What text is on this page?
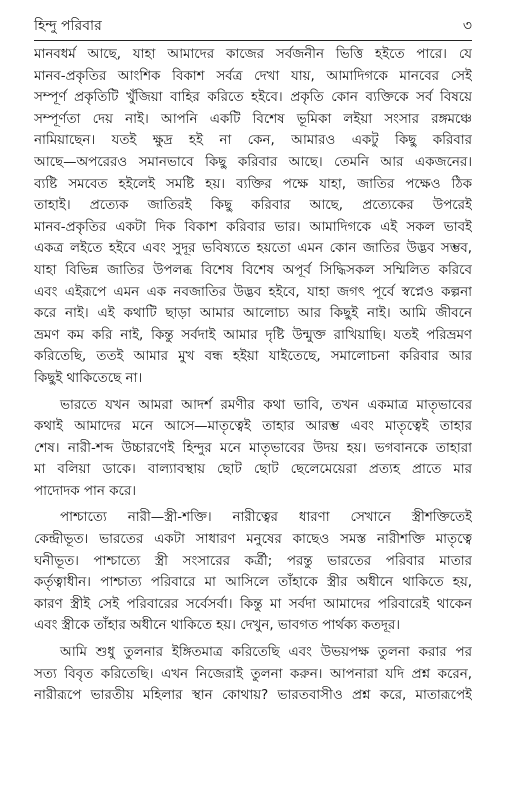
হিন্দু পরিবার	৩
মানবধর্ম আছে, যাহা আমাদের কাজের সর্বজনীন ভিত্তি হইতে পারে। যে
মানব-প্রকৃতির আংশিক বিকাশ সর্বত্র দেখা যায়, আমাদিগকে মানবের সেই
সম্পূর্ণ প্রকৃতিটি খুঁজিয়া বাহির করিতে হইবে। প্রকৃতি কোন ব্যক্তিকে সর্ব বিষয়ে
সম্পূর্ণতা দেয় নাই। আপনি একটি বিশেষ ভূমিকা লইয়া সংসার রঙ্গমঞ্চে
নামিয়াছেন। যতই ক্ষুদ্র হই না কেন, আমারও একটু কিছু করিবার
আছে—অপরেরও সমানভাবে কিছু করিবার আছে। তেমনি আর একজনের।
ব্যষ্টি সমবেত হইলেই সমষ্টি হয়। ব্যক্তির পক্ষে যাহা, জাতির পক্ষেও ঠিক
তাহাই। প্রত্যেক জাতিরই কিছু করিবার আছে, প্রত্যেকের উপরেই
মানব-প্রকৃতির একটা দিক বিকাশ করিবার ভার। আমাদিগকে এই সকল ভাবই
একত্র লইতে হইবে এবং সুদূর ভবিষ্যতে হয়তো এমন কোন জাতির উদ্ভব সম্ভব,
যাহা বিভিন্ন জাতির উপলব্ধ বিশেষ বিশেষ অপূর্ব সিদ্ধিসকল সম্মিলিত করিবে
এবং এইরূপে এমন এক নবজাতির উদ্ভব হইবে, যাহা জগৎ পূর্বে স্বপ্নেও কল্পনা
করে নাই। এই কথাটি ছাড়া আমার আলোচ্য আর কিছুই নাই। আমি জীবনে
ভ্রমণ কম করি নাই, কিন্তু সর্বদাই আমার দৃষ্টি উন্মুক্ত রাখিয়াছি। যতই পরিভ্রমণ
করিতেছি, ততই আমার মুখ বন্ধ হইয়া যাইতেছে, সমালোচনা করিবার আর
কিছুই থাকিতেছে না।
ভারতে যখন আমরা আদর্শ রমণীর কথা ভাবি, তখন একমাত্র মাতৃভাবের
কথাই আমাদের মনে আসে—মাতৃত্বেই তাহার আরম্ভ এবং মাতৃত্বেই তাহার
শেষ। নারী-শব্দ উচ্চারণেই হিন্দুর মনে মাতৃভাবের উদয় হয়। ভগবানকে তাহারা
মা বলিয়া ডাকে। বাল্যাবস্থায় ছোট ছোট ছেলেমেয়েরা প্রত্যহ প্রাতে মার
পাদোদক পান করে।
পাশ্চাত্যে নারী—স্ত্রী-শক্তি। নারীত্বের ধারণা সেখানে স্ত্রীশক্তিতেই
কেন্দ্রীভূত। ভারতের একটা সাধারণ মনুষের কাছেও সমস্ত নারীশক্তি মাতৃত্বে
ঘনীভূত। পাশ্চাত্যে স্ত্রী সংসারের কর্ত্রী; পরন্তু ভারতের পরিবার মাতার
কর্তৃত্বাধীন। পাশ্চাত্য পরিবারে মা আসিলে তাঁহাকে স্ত্রীর অধীনে থাকিতে হয়,
কারণ স্ত্রীই সেই পরিবারের সর্বেসর্বা। কিন্তু মা সর্বদা আমাদের পরিবারেই থাকেন
এবং স্ত্রীকে তাঁহার অধীনে থাকিতে হয়। দেখুন, ভাবগত পার্থক্য কতদূর।
আমি শুধু তুলনার ইঙ্গিতমাত্র করিতেছি এবং উভয়পক্ষ তুলনা করার পর
সত্য বিবৃত করিতেছি। এখন নিজেরাই তুলনা করুন। আপনারা যদি প্রশ্ন করেন,
নারীরূপে ভারতীয় মহিলার স্থান কোথায়? ভারতবাসীও প্রশ্ন করে, মাতারূপেই
